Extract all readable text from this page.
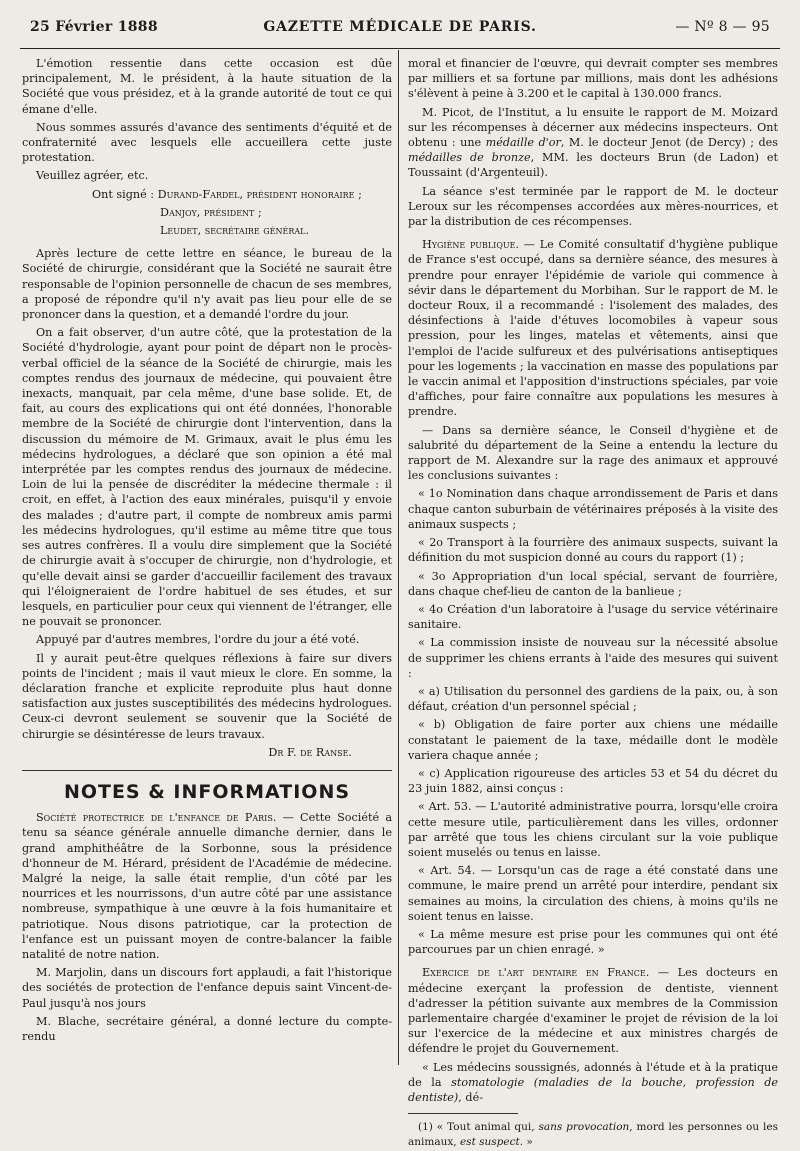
25 Février 1888	GAZETTE MÉDICALE DE PARIS.	— Nº 8 — 95

L'émotion ressentie dans cette occasion est dûe principalement, M. le président, à la haute situation de la Société que vous présidez, et à la grande autorité de tout ce qui émane d'elle.

Nous sommes assurés d'avance des sentiments d'équité et de confraternité avec lesquels elle accueillera cette juste protestation.

Veuillez agréer, etc.

Ont signé : Durand-Fardel, président honoraire ;

Danjoy, président ;

Leudet, secrétaire général.

Après lecture de cette lettre en séance, le bureau de la Société de chirurgie, considérant que la Société ne saurait être responsable de l'opinion personnelle de chacun de ses membres, a proposé de répondre qu'il n'y avait pas lieu pour elle de se prononcer dans la question, et a demandé l'ordre du jour.

On a fait observer, d'un autre côté, que la protestation de la Société d'hydrologie, ayant pour point de départ non le procès-verbal officiel de la séance de la Société de chirurgie, mais les comptes rendus des journaux de médecine, qui pouvaient être inexacts, manquait, par cela même, d'une base solide. Et, de fait, au cours des explications qui ont été données, l'honorable membre de la Société de chirurgie dont l'intervention, dans la discussion du mémoire de M. Grimaux, avait le plus ému les médecins hydrologues, a déclaré que son opinion a été mal interprétée par les comptes rendus des journaux de médecine. Loin de lui la pensée de discréditer la médecine thermale : il croit, en effet, à l'action des eaux minérales, puisqu'il y envoie des malades ; d'autre part, il compte de nombreux amis parmi les médecins hydrologues, qu'il estime au même titre que tous ses autres confrères. Il a voulu dire simplement que la Société de chirurgie avait à s'occuper de chirurgie, non d'hydrologie, et qu'elle devait ainsi se garder d'accueillir facilement des travaux qui l'éloigneraient de l'ordre habituel de ses études, et sur lesquels, en particulier pour ceux qui viennent de l'étranger, elle ne pouvait se prononcer.

Appuyé par d'autres membres, l'ordre du jour a été voté.

Il y aurait peut-être quelques réflexions à faire sur divers points de l'incident ; mais il vaut mieux le clore. En somme, la déclaration franche et explicite reproduite plus haut donne satisfaction aux justes susceptibilités des médecins hydrologues. Ceux-ci devront seulement se souvenir que la Société de chirurgie se désintéresse de leurs travaux.

Dr F. de Ranse.

NOTES & INFORMATIONS

Société protectrice de l'enfance de Paris. — Cette Société a tenu sa séance générale annuelle dimanche dernier, dans le grand amphithéâtre de la Sorbonne, sous la présidence d'honneur de M. Hérard, président de l'Académie de médecine. Malgré la neige, la salle était remplie, d'un côté par les nourrices et les nourrissons, d'un autre côté par une assistance nombreuse, sympathique à une œuvre à la fois humanitaire et patriotique. Nous disons patriotique, car la protection de l'enfance est un puissant moyen de contre-balancer la faible natalité de notre nation.

M. Marjolin, dans un discours fort applaudi, a fait l'historique des sociétés de protection de l'enfance depuis saint Vincent-de-Paul jusqu'à nos jours

M. Blache, secrétaire général, a donné lecture du compte-rendu

moral et financier de l'œuvre, qui devrait compter ses membres par milliers et sa fortune par millions, mais dont les adhésions s'élèvent à peine à 3.200 et le capital à 130.000 francs.

M. Picot, de l'Institut, a lu ensuite le rapport de M. Moizard sur les récompenses à décerner aux médecins inspecteurs. Ont obtenu : une médaille d'or, M. le docteur Jenot (de Dercy) ; des médailles de bronze, MM. les docteurs Brun (de Ladon) et Toussaint (d'Argenteuil).

La séance s'est terminée par le rapport de M. le docteur Leroux sur les récompenses accordées aux mères-nourrices, et par la distribution de ces récompenses.

Hygiène publique. — Le Comité consultatif d'hygiène publique de France s'est occupé, dans sa dernière séance, des mesures à prendre pour enrayer l'épidémie de variole qui commence à sévir dans le département du Morbihan. Sur le rapport de M. le docteur Roux, il a recommandé : l'isolement des malades, des désinfections à l'aide d'étuves locomobiles à vapeur sous pression, pour les linges, matelas et vêtements, ainsi que l'emploi de l'acide sulfureux et des pulvérisations antiseptiques pour les logements ; la vaccination en masse des populations par le vaccin animal et l'apposition d'instructions spéciales, par voie d'affiches, pour faire connaître aux populations les mesures à prendre.

— Dans sa dernière séance, le Conseil d'hygiène et de salubrité du département de la Seine a entendu la lecture du rapport de M. Alexandre sur la rage des animaux et approuvé les conclusions suivantes :

« 1o Nomination dans chaque arrondissement de Paris et dans chaque canton suburbain de vétérinaires préposés à la visite des animaux suspects ;

« 2o Transport à la fourrière des animaux suspects, suivant la définition du mot suspicion donné au cours du rapport (1) ;

« 3o Appropriation d'un local spécial, servant de fourrière, dans chaque chef-lieu de canton de la banlieue ;

« 4o Création d'un laboratoire à l'usage du service vétérinaire sanitaire.

« La commission insiste de nouveau sur la nécessité absolue de supprimer les chiens errants à l'aide des mesures qui suivent :

« a) Utilisation du personnel des gardiens de la paix, ou, à son défaut, création d'un personnel spécial ;

« b) Obligation de faire porter aux chiens une médaille constatant le paiement de la taxe, médaille dont le modèle variera chaque année ;

« c) Application rigoureuse des articles 53 et 54 du décret du 23 juin 1882, ainsi conçus :

« Art. 53. — L'autorité administrative pourra, lorsqu'elle croira cette mesure utile, particulièrement dans les villes, ordonner par arrêté que tous les chiens circulant sur la voie publique soient muselés ou tenus en laisse.

« Art. 54. — Lorsqu'un cas de rage a été constaté dans une commune, le maire prend un arrêté pour interdire, pendant six semaines au moins, la circulation des chiens, à moins qu'ils ne soient tenus en laisse.

« La même mesure est prise pour les communes qui ont été parcourues par un chien enragé. »

Exercice de l'art dentaire en France. — Les docteurs en médecine exerçant la profession de dentiste, viennent d'adresser la pétition suivante aux membres de la Commission parlementaire chargée d'examiner le projet de révision de la loi sur l'exercice de la médecine et aux ministres chargés de défendre le projet du Gouvernement.

« Les médecins soussignés, adonnés à l'étude et à la pratique de la stomatologie (maladies de la bouche, profession de dentiste), dé-

(1) « Tout animal qui, sans provocation, mord les personnes ou les animaux, est suspect. »
